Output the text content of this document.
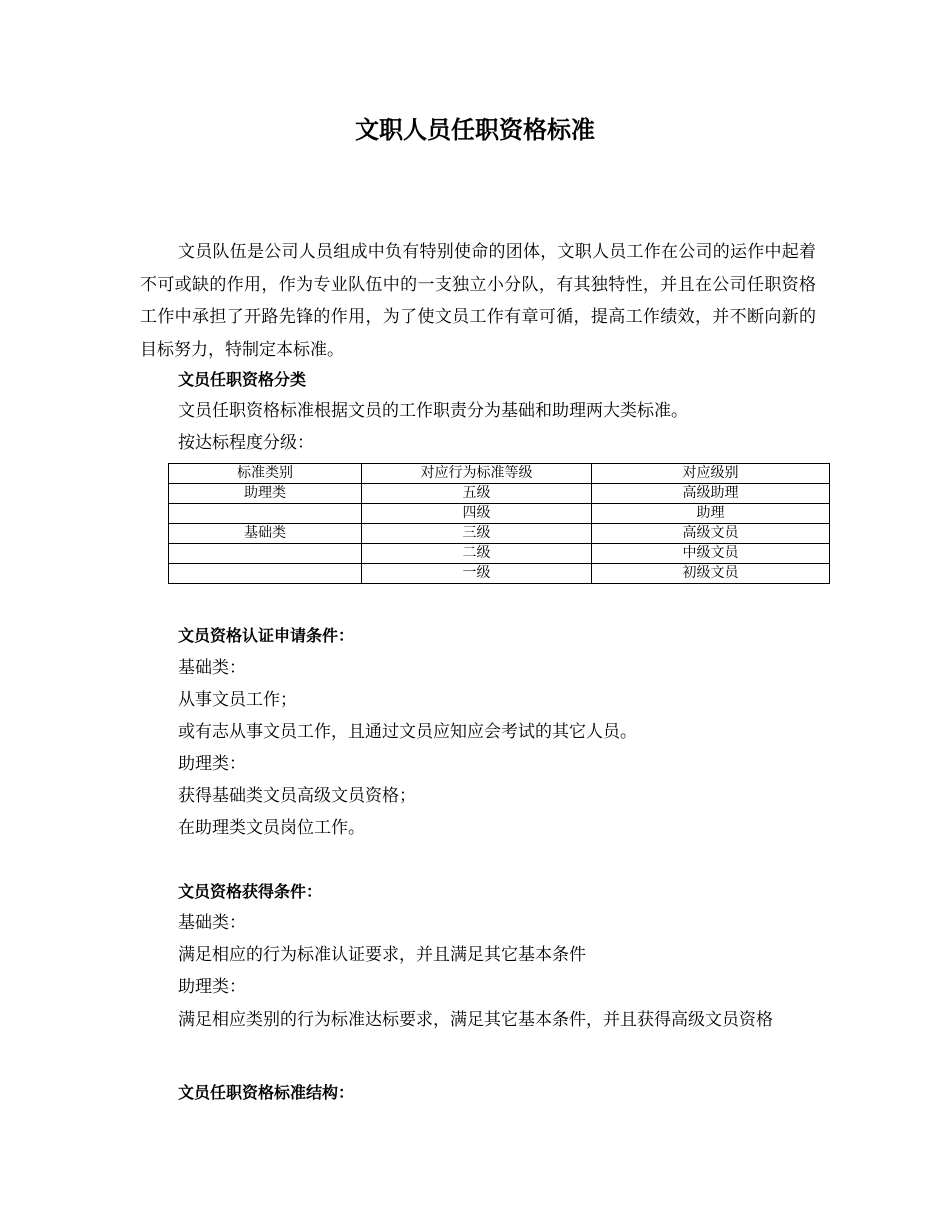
文职人员任职资格标准
文员队伍是公司人员组成中负有特别使命的团体，文职人员工作在公司的运作中起着不可或缺的作用，作为专业队伍中的一支独立小分队，有其独特性，并且在公司任职资格工作中承担了开路先锋的作用，为了使文员工作有章可循，提高工作绩效，并不断向新的目标努力，特制定本标准。
文员任职资格分类
文员任职资格标准根据文员的工作职责分为基础和助理两大类标准。
按达标程度分级：
标准类别	对应行为标准等级	对应级别
助理类	五级	高级助理
	四级	助理
基础类	三级	高级文员
	二级	中级文员
	一级	初级文员
文员资格认证申请条件：
基础类：
从事文员工作；
或有志从事文员工作，且通过文员应知应会考试的其它人员。
助理类：
获得基础类文员高级文员资格；
在助理类文员岗位工作。
文员资格获得条件：
基础类：
满足相应的行为标准认证要求，并且满足其它基本条件
助理类：
满足相应类别的行为标准达标要求，满足其它基本条件，并且获得高级文员资格
文员任职资格标准结构：
